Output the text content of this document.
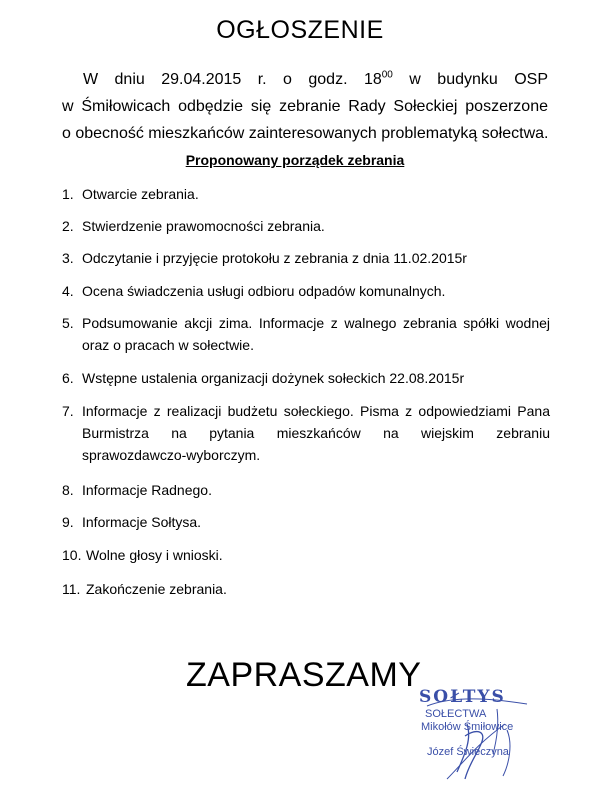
OGŁOSZENIE
W dniu 29.04.2015 r. o godz. $18^{00}$ w budynku OSP
w Śmiłowicach odbędzie się zebranie Rady Sołeckiej poszerzone
o obecność mieszkańców zainteresowanych problematyką sołectwa.
Proponowany porządek zebrania
1. Otwarcie zebrania.
2. Stwierdzenie prawomocności zebrania.
3. Odczytanie i przyjęcie protokołu z zebrania z dnia 11.02.2015r
4. Ocena świadczenia usługi odbioru odpadów komunalnych.
5. Podsumowanie akcji zima. Informacje z walnego zebrania spółki wodnej
oraz o pracach w sołectwie.
6. Wstępne ustalenia organizacji dożynek sołeckich 22.08.2015r
7. Informacje z realizacji budżetu sołeckiego. Pisma z odpowiedziami Pana
Burmistrza na pytania mieszkańców na wiejskim zebraniu
sprawozdawczo-wyborczym.
8. Informacje Radnego.
9. Informacje Sołtysa.
10. Wolne głosy i wnioski.
11. Zakończenie zebrania.
ZAPRASZAMY
SOŁTYS
SOŁECTWA
Mikołów Śmiłowice
Józef Świeczyna
